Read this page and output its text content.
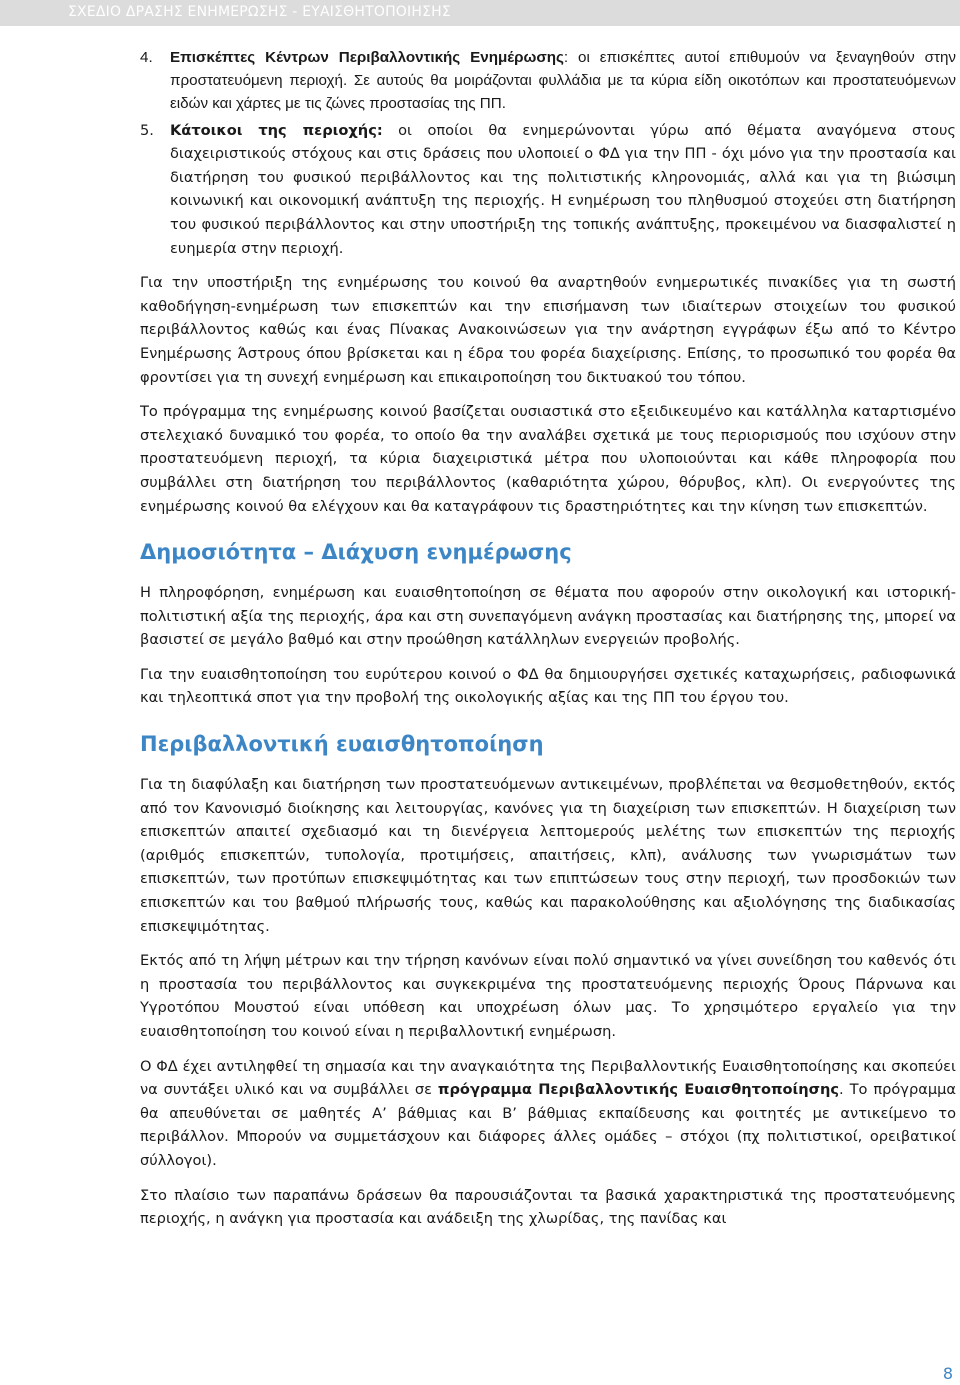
ΣΧΕΔΙΟ ΔΡΑΣΗΣ ΕΝΗΜΕΡΩΣΗΣ - ΕΥΑΙΣΘΗΤΟΠΟΙΗΣΗΣ
4. Επισκέπτες Κέντρων Περιβαλλοντικής Ενημέρωσης: οι επισκέπτες αυτοί επιθυμούν να ξεναγηθούν στην προστατευόμενη περιοχή. Σε αυτούς θα μοιράζονται φυλλάδια με τα κύρια είδη οικοτόπων και προστατευόμενων ειδών και χάρτες με τις ζώνες προστασίας της ΠΠ.
5. Κάτοικοι της περιοχής: οι οποίοι θα ενημερώνονται γύρω από θέματα αναγόμενα στους διαχειριστικούς στόχους και στις δράσεις που υλοποιεί ο ΦΔ για την ΠΠ - όχι μόνο για την προστασία και διατήρηση του φυσικού περιβάλλοντος και της πολιτιστικής κληρονομιάς, αλλά και για τη βιώσιμη κοινωνική και οικονομική ανάπτυξη της περιοχής. Η ενημέρωση του πληθυσμού στοχεύει στη διατήρηση του φυσικού περιβάλλοντος και στην υποστήριξη της τοπικής ανάπτυξης, προκειμένου να διασφαλιστεί η ευημερία στην περιοχή.

Για την υποστήριξη της ενημέρωσης του κοινού θα αναρτηθούν ενημερωτικές πινακίδες για τη σωστή καθοδήγηση-ενημέρωση των επισκεπτών και την επισήμανση των ιδιαίτερων στοιχείων του φυσικού περιβάλλοντος καθώς και ένας Πίνακας Ανακοινώσεων για την ανάρτηση εγγράφων έξω από το Κέντρο Ενημέρωσης Άστρους όπου βρίσκεται και η έδρα του φορέα διαχείρισης. Επίσης, το προσωπικό του φορέα θα φροντίσει για τη συνεχή ενημέρωση και επικαιροποίηση του δικτυακού του τόπου.

Το πρόγραμμα της ενημέρωσης κοινού βασίζεται ουσιαστικά στο εξειδικευμένο και κατάλληλα καταρτισμένο στελεχιακό δυναμικό του φορέα, το οποίο θα την αναλάβει σχετικά με τους περιορισμούς που ισχύουν στην προστατευόμενη περιοχή, τα κύρια διαχειριστικά μέτρα που υλοποιούνται και κάθε πληροφορία που συμβάλλει στη διατήρηση του περιβάλλοντος (καθαριότητα χώρου, θόρυβος, κλπ). Οι ενεργούντες της ενημέρωσης κοινού θα ελέγχουν και θα καταγράφουν τις δραστηριότητες και την κίνηση των επισκεπτών.

Δημοσιότητα – Διάχυση ενημέρωσης

Η πληροφόρηση, ενημέρωση και ευαισθητοποίηση σε θέματα που αφορούν στην οικολογική και ιστορική-πολιτιστική αξία της περιοχής, άρα και στη συνεπαγόμενη ανάγκη προστασίας και διατήρησης της, μπορεί να βασιστεί σε μεγάλο βαθμό και στην προώθηση κατάλληλων ενεργειών προβολής.

Για την ευαισθητοποίηση του ευρύτερου κοινού ο ΦΔ θα δημιουργήσει σχετικές καταχωρήσεις, ραδιοφωνικά και τηλεοπτικά σποτ για την προβολή της οικολογικής αξίας και της ΠΠ του έργου του.

Περιβαλλοντική ευαισθητοποίηση

Για τη διαφύλαξη και διατήρηση των προστατευόμενων αντικειμένων, προβλέπεται να θεσμοθετηθούν, εκτός από τον Κανονισμό διοίκησης και λειτουργίας, κανόνες για τη διαχείριση των επισκεπτών. Η διαχείριση των επισκεπτών απαιτεί σχεδιασμό και τη διενέργεια λεπτομερούς μελέτης των επισκεπτών της περιοχής (αριθμός επισκεπτών, τυπολογία, προτιμήσεις, απαιτήσεις, κλπ), ανάλυσης των γνωρισμάτων των επισκεπτών, των προτύπων επισκεψιμότητας και των επιπτώσεων τους στην περιοχή, των προσδοκιών των επισκεπτών και του βαθμού πλήρωσής τους, καθώς και παρακολούθησης και αξιολόγησης της διαδικασίας επισκεψιμότητας.

Εκτός από τη λήψη μέτρων και την τήρηση κανόνων είναι πολύ σημαντικό να γίνει συνείδηση του καθενός ότι η προστασία του περιβάλλοντος και συγκεκριμένα της προστατευόμενης περιοχής Όρους Πάρνωνα και Υγροτόπου Μουστού είναι υπόθεση και υποχρέωση όλων μας. Το χρησιμότερο εργαλείο για την ευαισθητοποίηση του κοινού είναι η περιβαλλοντική ενημέρωση.

Ο ΦΔ έχει αντιληφθεί τη σημασία και την αναγκαιότητα της Περιβαλλοντικής Ευαισθητοποίησης και σκοπεύει να συντάξει υλικό και να συμβάλλει σε πρόγραμμα Περιβαλλοντικής Ευαισθητοποίησης. Το πρόγραμμα θα απευθύνεται σε μαθητές Α’ βάθμιας και Β’ βάθμιας εκπαίδευσης και φοιτητές με αντικείμενο το περιβάλλον. Μπορούν να συμμετάσχουν και διάφορες άλλες ομάδες – στόχοι (πχ πολιτιστικοί, ορειβατικοί σύλλογοι).

Στο πλαίσιο των παραπάνω δράσεων θα παρουσιάζονται τα βασικά χαρακτηριστικά της προστατευόμενης περιοχής, η ανάγκη για προστασία και ανάδειξη της χλωρίδας, της πανίδας και

8
